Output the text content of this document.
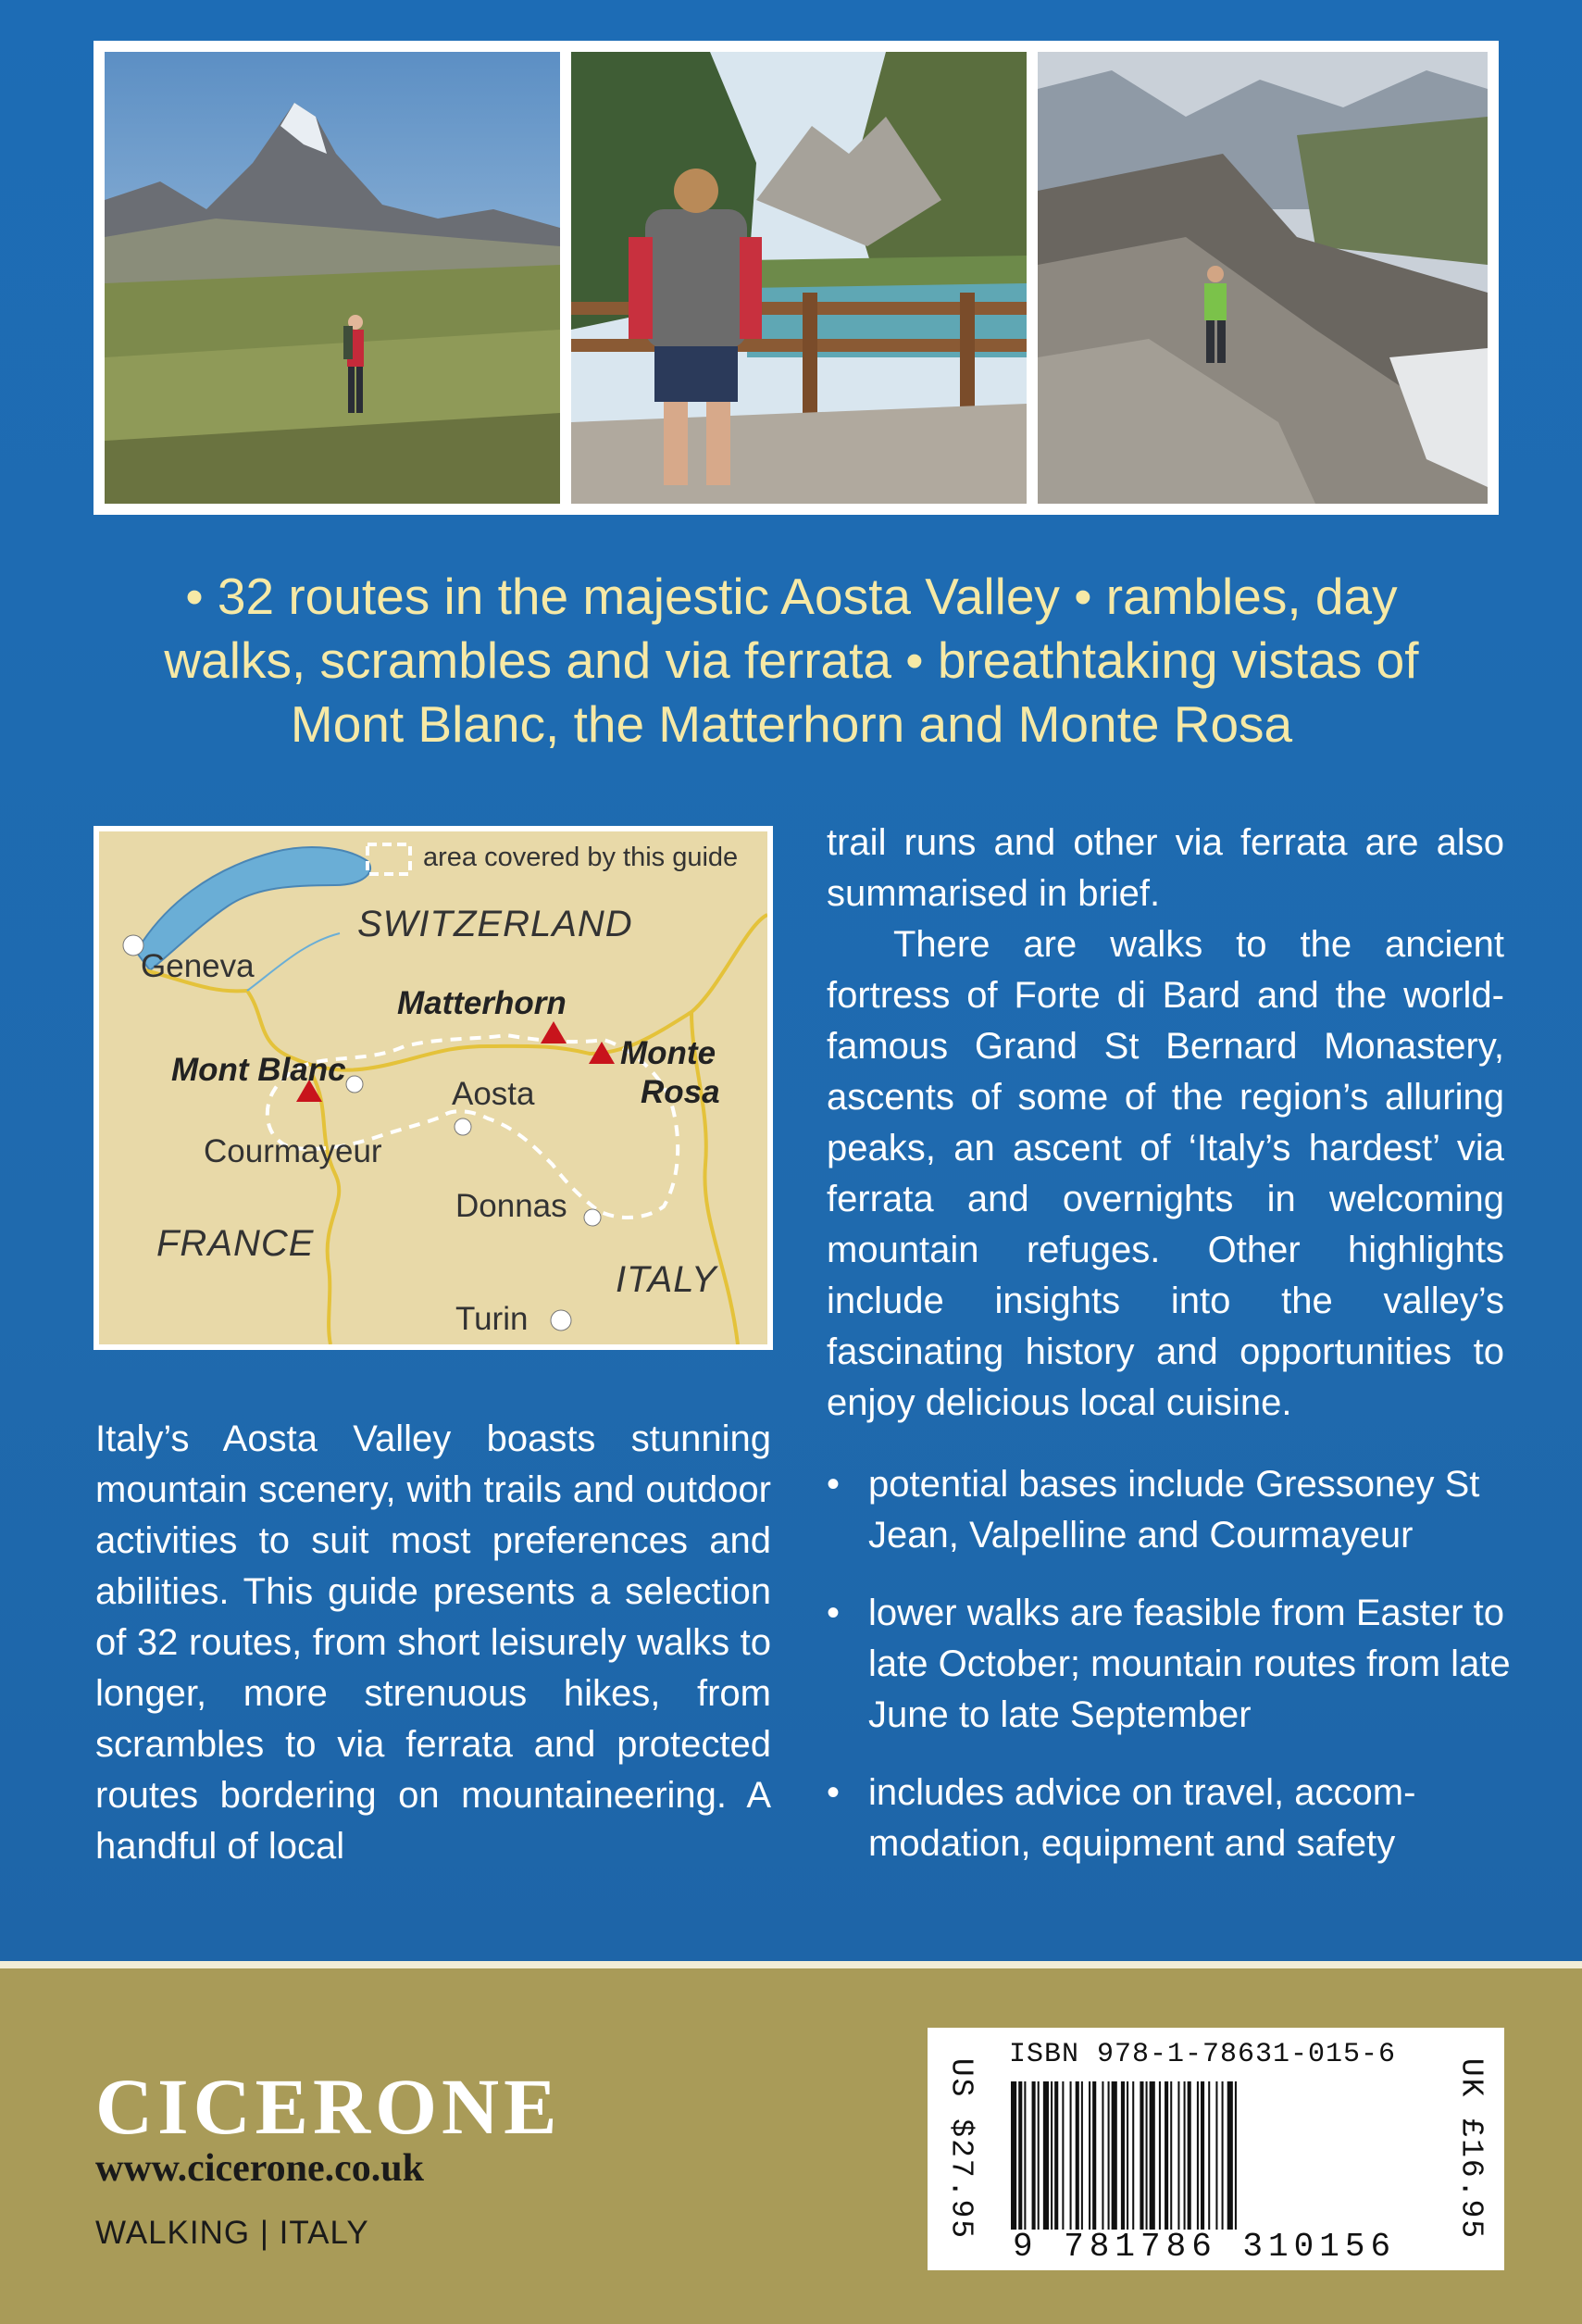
• 32 routes in the majestic Aosta Valley • rambles, day
walks, scrambles and via ferrata • breathtaking vistas of
Mont Blanc, the Matterhorn and Monte Rosa
area covered by this guide
SWITZERLAND
FRANCE
ITALY
Matterhorn
Mont Blanc	Monte
Rosa
Geneva
Aosta
Courmayeur
Donnas
Turin

trail runs and other via ferrata are also summarised in brief.

There are walks to the ancient fortress of Forte di Bard and the world-famous Grand St Bernard Monastery, ascents of some of the region’s alluring peaks, an ascent of ‘Italy’s hardest’ via ferrata and overnights in welcoming mountain refuges. Other highlights include insights into the valley’s fascinating history and opportunities to enjoy delicious local cuisine.

Italy’s Aosta Valley boasts stunning mountain scenery, with trails and outdoor activities to suit most preferences and abilities. This guide presents a selection of 32 routes, from short leisurely walks to longer, more strenuous hikes, from scrambles to via ferrata and protected routes bordering on mountaineering. A handful of local
• potential bases include Gressoney St Jean, Valpelline and Courmayeur
• lower walks are feasible from Easter to late October; mountain routes from late June to late September
• includes advice on travel, accommodation, equipment and safety
CICERONE
www.cicerone.co.uk
WALKING | ITALY	US $27.95
ISBN 978-1-78631-015-6
9 781786 310156
UK £16.95
